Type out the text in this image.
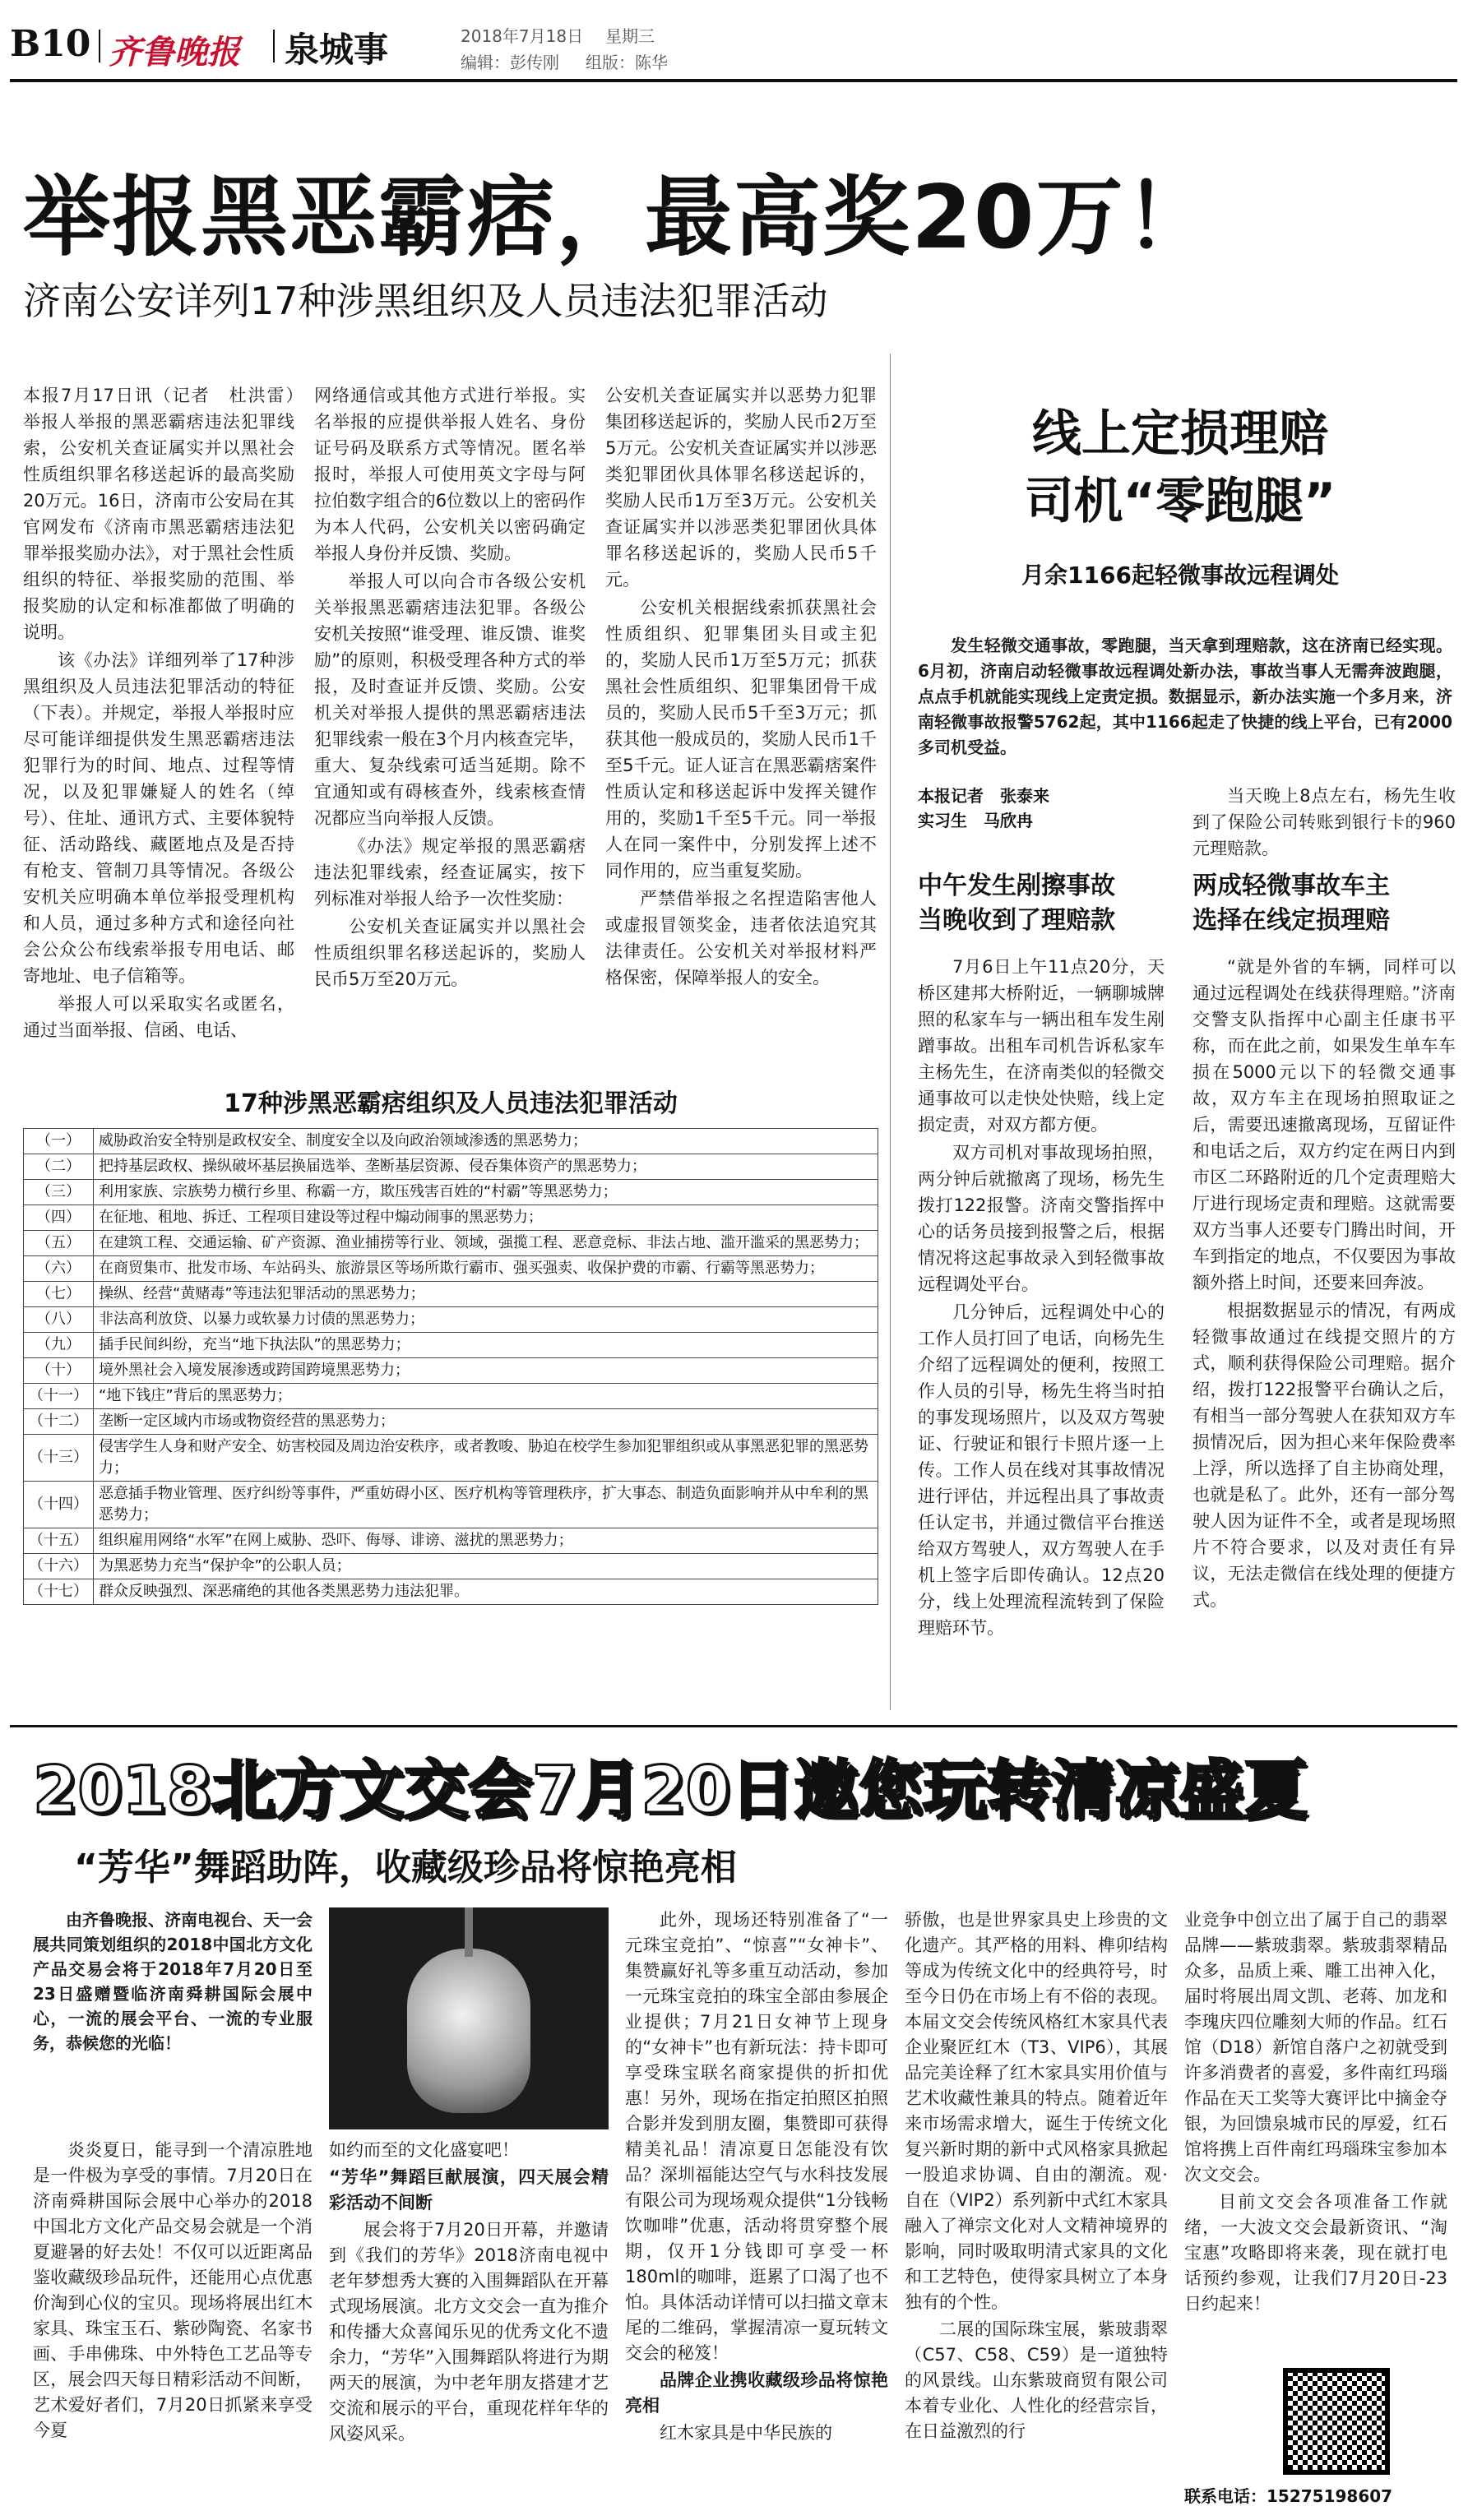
B10 齐鲁晚报 泉城事	2018年7月18日 星期三
编辑：彭传刚 组版：陈华
举报黑恶霸痞，最高奖20万！
济南公安详列17种涉黑组织及人员违法犯罪活动

本报7月17日讯（记者　杜洪雷）　举报人举报的黑恶霸痞违法犯罪线索，公安机关查证属实并以黑社会性质组织罪名移送起诉的最高奖励20万元。16日，济南市公安局在其官网发布《济南市黑恶霸痞违法犯罪举报奖励办法》，对于黑社会性质组织的特征、举报奖励的范围、举报奖励的认定和标准都做了明确的说明。

该《办法》详细列举了17种涉黑组织及人员违法犯罪活动的特征（下表）。并规定，举报人举报时应尽可能详细提供发生黑恶霸痞违法犯罪行为的时间、地点、过程等情况，以及犯罪嫌疑人的姓名（绰号）、住址、通讯方式、主要体貌特征、活动路线、藏匿地点及是否持有枪支、管制刀具等情况。各级公安机关应明确本单位举报受理机构和人员，通过多种方式和途径向社会公众公布线索举报专用电话、邮寄地址、电子信箱等。

举报人可以采取实名或匿名，通过当面举报、信函、电话、

网络通信或其他方式进行举报。实名举报的应提供举报人姓名、身份证号码及联系方式等情况。匿名举报时，举报人可使用英文字母与阿拉伯数字组合的6位数以上的密码作为本人代码，公安机关以密码确定举报人身份并反馈、奖励。

举报人可以向合市各级公安机关举报黑恶霸痞违法犯罪。各级公安机关按照“谁受理、谁反馈、谁奖励”的原则，积极受理各种方式的举报，及时查证并反馈、奖励。公安机关对举报人提供的黑恶霸痞违法犯罪线索一般在3个月内核查完毕，重大、复杂线索可适当延期。除不宜通知或有碍核查外，线索核查情况都应当向举报人反馈。

《办法》规定举报的黑恶霸痞违法犯罪线索，经查证属实，按下列标准对举报人给予一次性奖励：

公安机关查证属实并以黑社会性质组织罪名移送起诉的，奖励人民币5万至20万元。

公安机关查证属实并以恶势力犯罪集团移送起诉的，奖励人民币2万至5万元。公安机关查证属实并以涉恶类犯罪团伙具体罪名移送起诉的，奖励人民币1万至3万元。公安机关查证属实并以涉恶类犯罪团伙具体罪名移送起诉的，奖励人民币5千元。

公安机关根据线索抓获黑社会性质组织、犯罪集团头目或主犯的，奖励人民币1万至5万元；抓获黑社会性质组织、犯罪集团骨干成员的，奖励人民币5千至3万元；抓获其他一般成员的，奖励人民币1千至5千元。证人证言在黑恶霸痞案件性质认定和移送起诉中发挥关键作用的，奖励1千至5千元。同一举报人在同一案件中，分别发挥上述不同作用的，应当重复奖励。

严禁借举报之名捏造陷害他人或虚报冒领奖金，违者依法追究其法律责任。公安机关对举报材料严格保密，保障举报人的安全。

17种涉黑恶霸痞组织及人员违法犯罪活动
（一）	威胁政治安全特别是政权安全、制度安全以及向政治领域渗透的黑恶势力；
（二）	把持基层政权、操纵破坏基层换届选举、垄断基层资源、侵吞集体资产的黑恶势力；
（三）	利用家族、宗族势力横行乡里、称霸一方，欺压残害百姓的“村霸”等黑恶势力；
（四）	在征地、租地、拆迁、工程项目建设等过程中煽动闹事的黑恶势力；
（五）	在建筑工程、交通运输、矿产资源、渔业捕捞等行业、领域，强揽工程、恶意竞标、非法占地、滥开滥采的黑恶势力；
（六）	在商贸集市、批发市场、车站码头、旅游景区等场所欺行霸市、强买强卖、收保护费的市霸、行霸等黑恶势力；
（七）	操纵、经营“黄赌毒”等违法犯罪活动的黑恶势力；
（八）	非法高利放贷、以暴力或软暴力讨债的黑恶势力；
（九）	插手民间纠纷，充当“地下执法队”的黑恶势力；
（十）	境外黑社会入境发展渗透或跨国跨境黑恶势力；
（十一）	“地下钱庄”背后的黑恶势力；
（十二）	垄断一定区域内市场或物资经营的黑恶势力；
（十三）	侵害学生人身和财产安全、妨害校园及周边治安秩序，或者教唆、胁迫在校学生参加犯罪组织或从事黑恶犯罪的黑恶势力；
（十四）	恶意插手物业管理、医疗纠纷等事件，严重妨碍小区、医疗机构等管理秩序，扩大事态、制造负面影响并从中牟利的黑恶势力；
（十五）	组织雇用网络“水军”在网上威胁、恐吓、侮辱、诽谤、滋扰的黑恶势力；
（十六）	为黑恶势力充当“保护伞”的公职人员；
（十七）	群众反映强烈、深恶痛绝的其他各类黑恶势力违法犯罪。
线上定损理赔
司机“零跑腿”
月余1166起轻微事故远程调处

发生轻微交通事故，零跑腿，当天拿到理赔款，这在济南已经实现。6月初，济南启动轻微事故远程调处新办法，事故当事人无需奔波跑腿，点点手机就能实现线上定责定损。数据显示，新办法实施一个多月来，济南轻微事故报警5762起，其中1166起走了快捷的线上平台，已有2000多司机受益。

本报记者　张泰来
实习生　马欣冉

当天晚上8点左右，杨先生收到了保险公司转账到银行卡的960元理赔款。

中午发生剐擦事故
当晚收到了理赔款
两成轻微事故车主
选择在线定损理赔

7月6日上午11点20分，天桥区建邦大桥附近，一辆聊城牌照的私家车与一辆出租车发生剐蹭事故。出租车司机告诉私家车主杨先生，在济南类似的轻微交通事故可以走快处快赔，线上定损定责，对双方都方便。

双方司机对事故现场拍照，两分钟后就撤离了现场，杨先生拨打122报警。济南交警指挥中心的话务员接到报警之后，根据情况将这起事故录入到轻微事故远程调处平台。

几分钟后，远程调处中心的工作人员打回了电话，向杨先生介绍了远程调处的便利，按照工作人员的引导，杨先生将当时拍的事发现场照片，以及双方驾驶证、行驶证和银行卡照片逐一上传。工作人员在线对其事故情况进行评估，并远程出具了事故责任认定书，并通过微信平台推送给双方驾驶人，双方驾驶人在手机上签字后即传确认。12点20分，线上处理流程流转到了保险理赔环节。

“就是外省的车辆，同样可以通过远程调处在线获得理赔。”济南交警支队指挥中心副主任康书平称，而在此之前，如果发生单车车损在5000元以下的轻微交通事故，双方车主在现场拍照取证之后，需要迅速撤离现场，互留证件和电话之后，双方约定在两日内到市区二环路附近的几个定责理赔大厅进行现场定责和理赔。这就需要双方当事人还要专门腾出时间，开车到指定的地点，不仅要因为事故额外搭上时间，还要来回奔波。

根据数据显示的情况，有两成轻微事故通过在线提交照片的方式，顺利获得保险公司理赔。据介绍，拨打122报警平台确认之后，有相当一部分驾驶人在获知双方车损情况后，因为担心来年保险费率上浮，所以选择了自主协商处理，也就是私了。此外，还有一部分驾驶人因为证件不全，或者是现场照片不符合要求，以及对责任有异议，无法走微信在线处理的便捷方式。

2018北方文交会7月20日邀您玩转清凉盛夏
“芳华”舞蹈助阵，收藏级珍品将惊艳亮相

由齐鲁晚报、济南电视台、天一会展共同策划组织的2018中国北方文化产品交易会将于2018年7月20日至23日盛赠暨临济南舜耕国际会展中心，一流的展会平台、一流的专业服务，恭候您的光临！

炎炎夏日，能寻到一个清凉胜地是一件极为享受的事情。7月20日在济南舜耕国际会展中心举办的2018中国北方文化产品交易会就是一个消夏避暑的好去处！不仅可以近距离品鉴收藏级珍品玩件，还能用心点优惠价淘到心仪的宝贝。现场将展出红木家具、珠宝玉石、紫砂陶瓷、名家书画、手串佛珠、中外特色工艺品等专区，展会四天每日精彩活动不间断，艺术爱好者们，7月20日抓紧来享受今夏

如约而至的文化盛宴吧！

“芳华”舞蹈巨献展演，四天展会精彩活动不间断

展会将于7月20日开幕，并邀请到《我们的芳华》2018济南电视中老年梦想秀大赛的入围舞蹈队在开幕式现场展演。北方文交会一直为推介和传播大众喜闻乐见的优秀文化不遗余力，“芳华”入围舞蹈队将进行为期两天的展演，为中老年朋友搭建才艺交流和展示的平台，重现花样年华的风姿风采。

此外，现场还特别准备了“一元珠宝竞拍”、“惊喜”“女神卡”、集赞赢好礼等多重互动活动，参加一元珠宝竞拍的珠宝全部由参展企业提供；7月21日女神节上现身的“女神卡”也有新玩法：持卡即可享受珠宝联名商家提供的折扣优惠！另外，现场在指定拍照区拍照合影并发到朋友圈，集赞即可获得精美礼品！清凉夏日怎能没有饮品？深圳福能达空气与水科技发展有限公司为现场观众提供“1分钱畅饮咖啡”优惠，活动将贯穿整个展期，仅开1分钱即可享受一杯180ml的咖啡，逛累了口渴了也不怕。具体活动详情可以扫描文章末尾的二维码，掌握清凉一夏玩转文交会的秘笈！

品牌企业携收藏级珍品将惊艳亮相

红木家具是中华民族的

骄傲，也是世界家具史上珍贵的文化遗产。其严格的用料、榫卯结构等成为传统文化中的经典符号，时至今日仍在市场上有不俗的表现。本届文交会传统风格红木家具代表企业聚匠红木（T3、VIP6），其展品完美诠释了红木家具实用价值与艺术收藏性兼具的特点。随着近年来市场需求增大，诞生于传统文化复兴新时期的新中式风格家具掀起一股追求协调、自由的潮流。观·自在（VIP2）系列新中式红木家具融入了禅宗文化对人文精神境界的影响，同时吸取明清式家具的文化和工艺特色，使得家具树立了本身独有的个性。

二展的国际珠宝展，紫玻翡翠（C57、C58、C59）是一道独特的风景线。山东紫玻商贸有限公司本着专业化、人性化的经营宗旨，在日益激烈的行

业竞争中创立出了属于自己的翡翠品牌——紫玻翡翠。紫玻翡翠精品众多，品质上乘、雕工出神入化，届时将展出周文凯、老蒋、加龙和李瑰庆四位雕刻大师的作品。红石馆（D18）新馆自落户之初就受到许多消费者的喜爱，多件南红玛瑙作品在天工奖等大赛评比中摘金夺银，为回馈泉城市民的厚爱，红石馆将携上百件南红玛瑙珠宝参加本次文交会。

目前文交会各项准备工作就绪，一大波文交会最新资讯、“淘宝惠”攻略即将来袭，现在就打电话预约参观，让我们7月20日-23日约起来！

联系电话：15275198607
